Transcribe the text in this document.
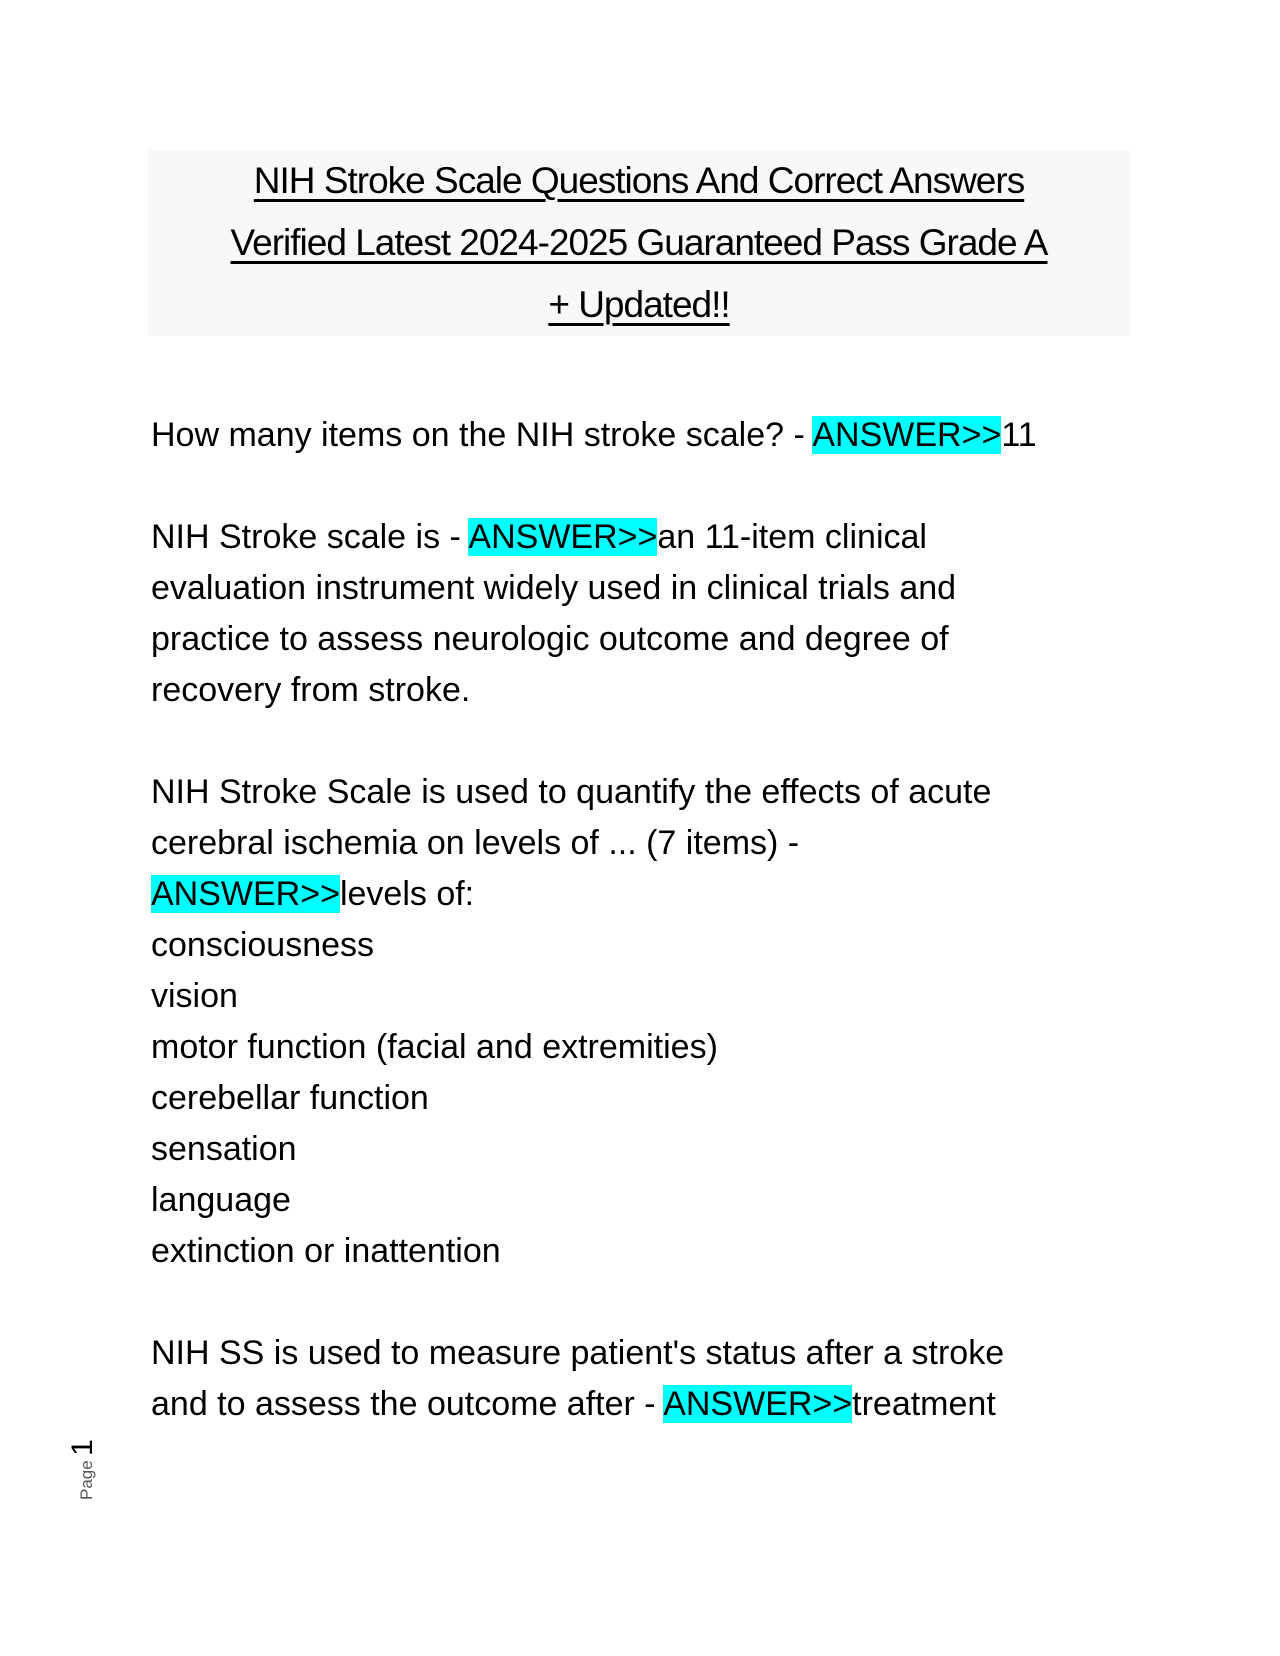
NIH Stroke Scale Questions And Correct Answers
Verified Latest 2024-2025 Guaranteed Pass Grade A
+ Updated!!
How many items on the NIH stroke scale? - ANSWER>>11
NIH Stroke scale is - ANSWER>>an 11-item clinical
evaluation instrument widely used in clinical trials and
practice to assess neurologic outcome and degree of
recovery from stroke.
NIH Stroke Scale is used to quantify the effects of acute
cerebral ischemia on levels of ... (7 items) -
ANSWER>>levels of:
consciousness
vision
motor function (facial and extremities)
cerebellar function
sensation
language
extinction or inattention
NIH SS is used to measure patient's status after a stroke
and to assess the outcome after - ANSWER>>treatment
Page 1
